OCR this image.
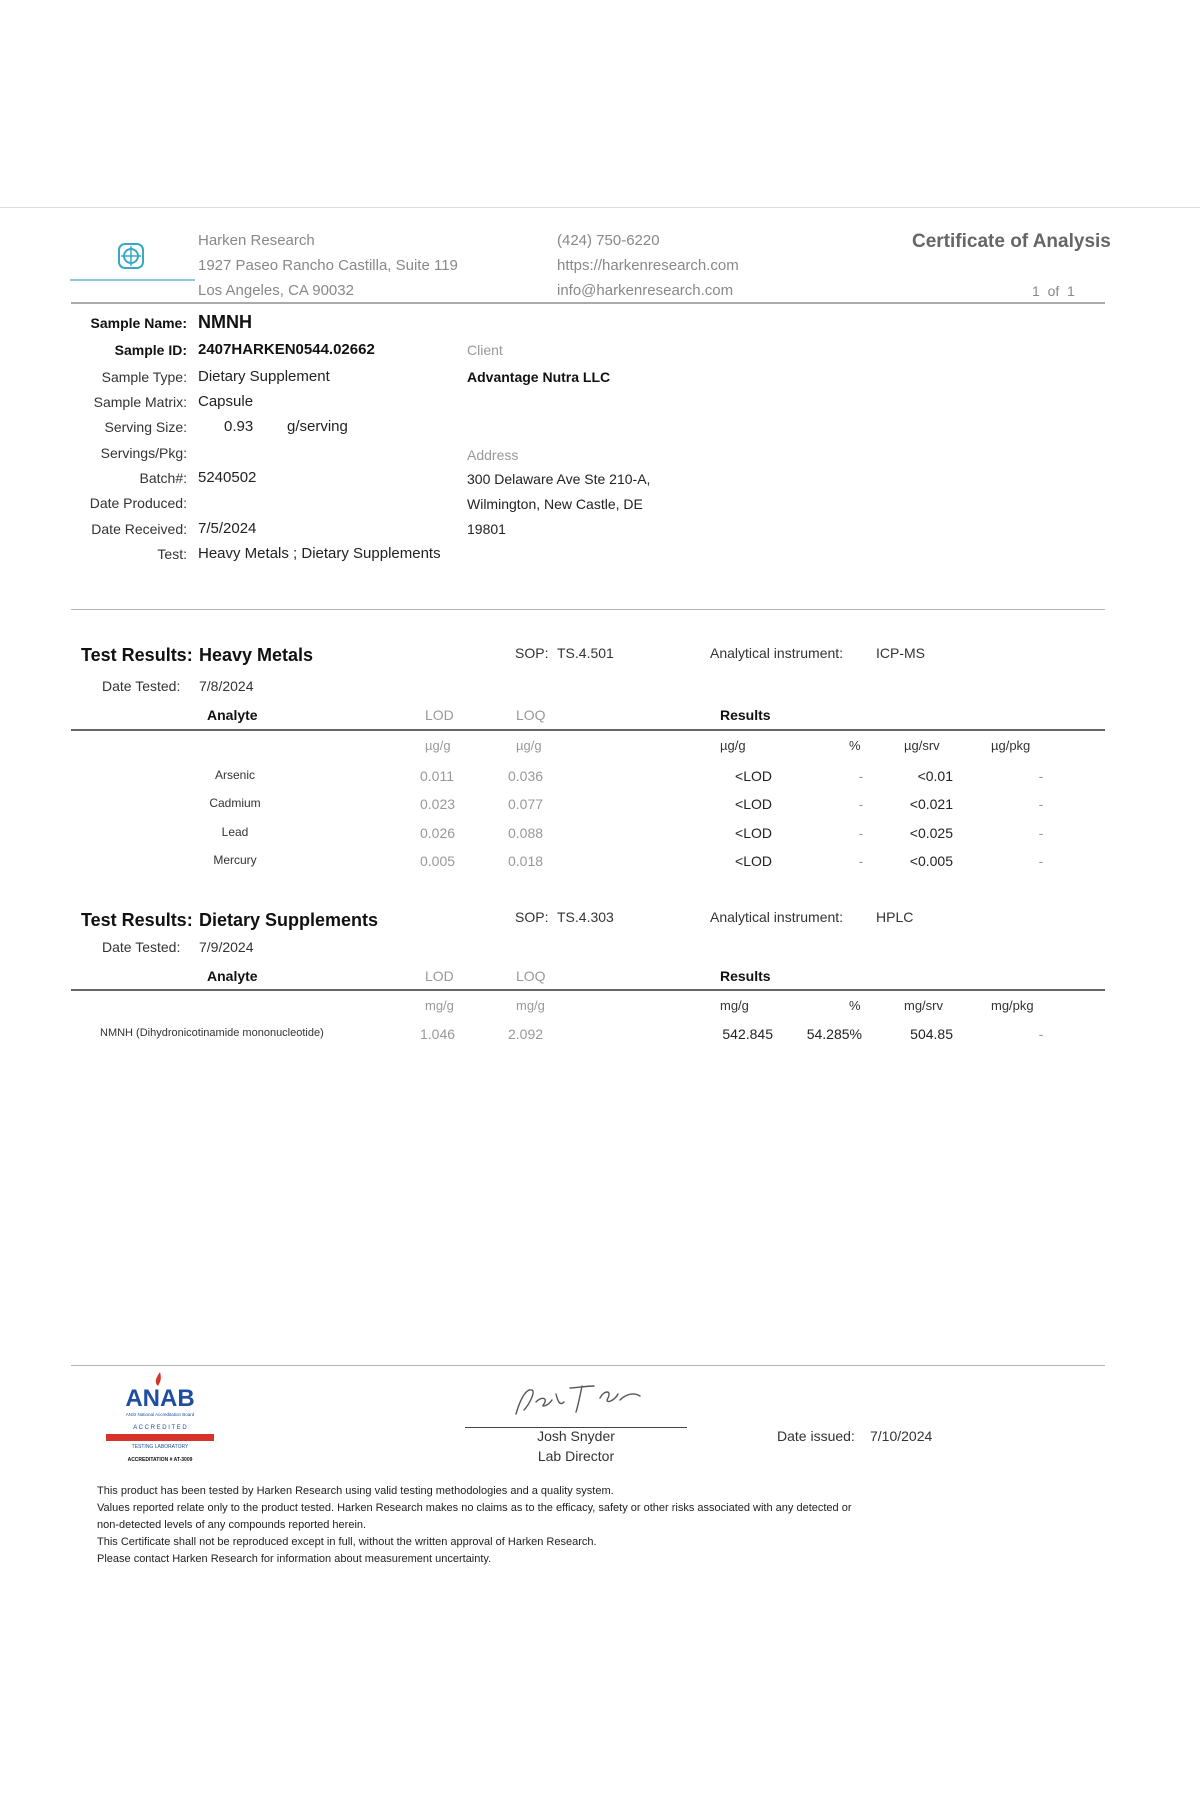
Harken Research
1927 Paseo Rancho Castilla, Suite 119
Los Angeles, CA 90032
(424) 750-6220
https://harkenresearch.com
info@harkenresearch.com
Certificate of Analysis
1 of 1
Sample Name: NMNH
Sample ID: 2407HARKEN0544.02662
Sample Type: Dietary Supplement
Sample Matrix: Capsule
Serving Size: 0.93 g/serving
Servings/Pkg:
Batch#: 5240502
Date Produced:
Date Received: 7/5/2024
Test: Heavy Metals ; Dietary Supplements
Client
Advantage Nutra LLC
Address
300 Delaware Ave Ste 210-A,
Wilmington, New Castle, DE
19801
Test Results: Heavy Metals	SOP: TS.4.501	Analytical instrument: ICP-MS
Date Tested: 7/8/2024
Analyte	LOD	LOQ	Results
µg/g	µg/g	µg/g	%	µg/srv	µg/pkg
Arsenic	0.011	0.036	<LOD	-	<0.01	-
Cadmium	0.023	0.077	<LOD	-	<0.021	-
Lead	0.026	0.088	<LOD	-	<0.025	-
Mercury	0.005	0.018	<LOD	-	<0.005	-
Test Results: Dietary Supplements	SOP: TS.4.303	Analytical instrument: HPLC
Date Tested: 7/9/2024
Analyte	LOD	LOQ	Results
mg/g	mg/g	mg/g	%	mg/srv	mg/pkg
NMNH (Dihydronicotinamide mononucleotide)	1.046	2.092	542.845	54.285%	504.85	-
ANAB
ANSI National Accreditation Board
A C C R E D I T E D
TESTING LABORATORY
ACCREDITATION # AT-3009
Josh Snyder
Lab Director
Date issued: 7/10/2024
This product has been tested by Harken Research using valid testing methodologies and a quality system.
Values reported relate only to the product tested. Harken Research makes no claims as to the efficacy, safety or other risks associated with any detected or
non-detected levels of any compounds reported herein.
This Certificate shall not be reproduced except in full, without the written approval of Harken Research.
Please contact Harken Research for information about measurement uncertainty.
